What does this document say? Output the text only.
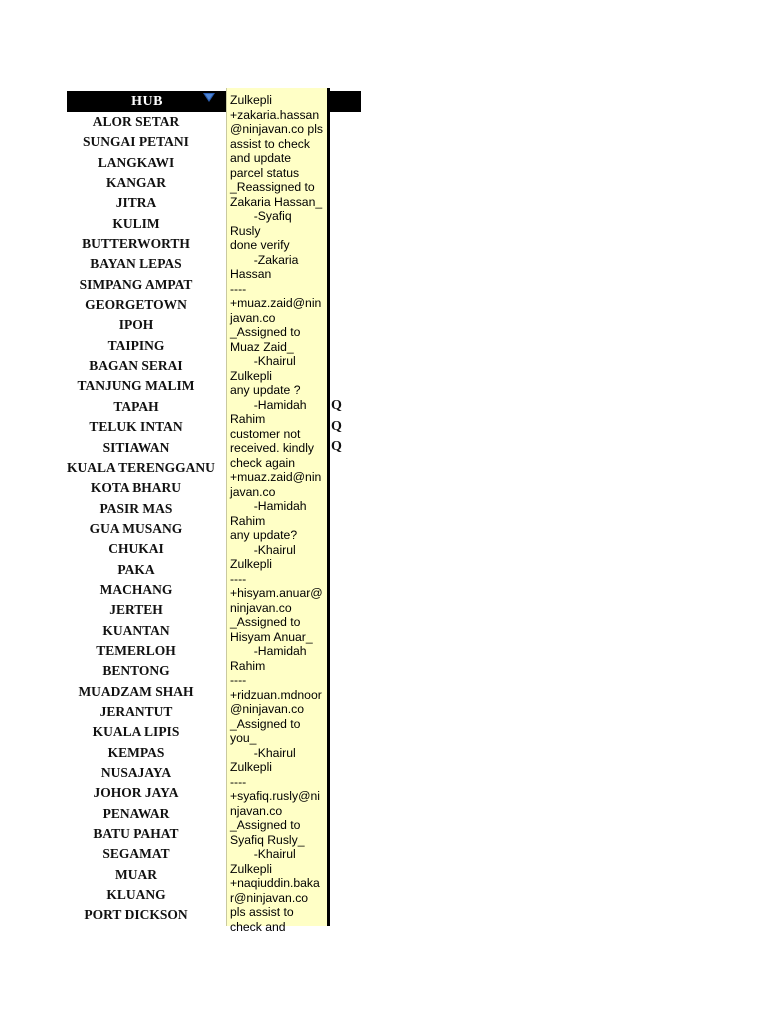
HUB
ALOR SETAR
SUNGAI PETANI
LANGKAWI
KANGAR
JITRA
KULIM
BUTTERWORTH
BAYAN LEPAS
SIMPANG AMPAT
GEORGETOWN
IPOH
TAIPING
BAGAN SERAI
TANJUNG MALIM
TAPAH
TELUK INTAN
SITIAWAN
KUALA TERENGGANU
KOTA BHARU
PASIR MAS
GUA MUSANG
CHUKAI
PAKA
MACHANG
JERTEH
KUANTAN
TEMERLOH
BENTONG
MUADZAM SHAH
JERANTUT
KUALA LIPIS
KEMPAS
NUSAJAYA
JOHOR JAYA
PENAWAR
BATU PAHAT
SEGAMAT
MUAR
KLUANG
PORT DICKSON
Zulkepli
+zakaria.hassan
@ninjavan.co pls
assist to check
and update
parcel status
_Reassigned to
Zakaria Hassan_
-Syafiq
Rusly
done verify
-Zakaria
Hassan
----
+muaz.zaid@nin
javan.co
_Assigned to
Muaz Zaid_
-Khairul
Zulkepli
any update ?
-Hamidah
Rahim
customer not
received. kindly
check again
+muaz.zaid@nin
javan.co
-Hamidah
Rahim
any update?
-Khairul
Zulkepli
----
+hisyam.anuar@
ninjavan.co
_Assigned to
Hisyam Anuar_
-Hamidah
Rahim
----
+ridzuan.mdnoor
@ninjavan.co
_Assigned to
you_
-Khairul
Zulkepli
----
+syafiq.rusly@ni
njavan.co
_Assigned to
Syafiq Rusly_
-Khairul
Zulkepli
+naqiuddin.baka
r@ninjavan.co
pls assist to
check and
Q
Q
Q
